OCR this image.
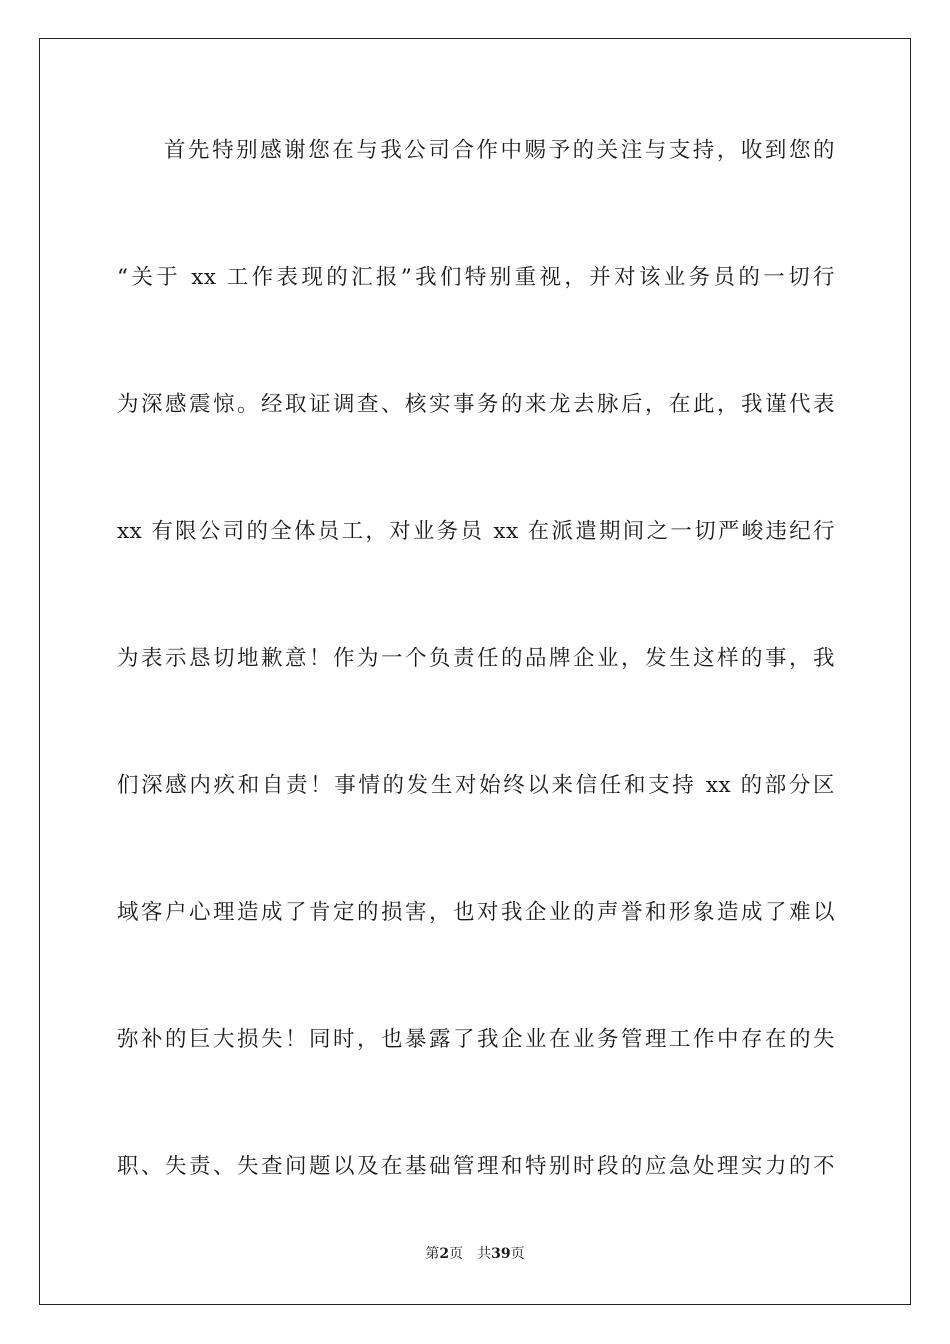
首先特别感谢您在与我公司合作中赐予的关注与支持，收到您的
“关于 xx 工作表现的汇报”我们特别重视，并对该业务员的一切行
为深感震惊。经取证调查、核实事务的来龙去脉后，在此，我谨代表
xx 有限公司的全体员工，对业务员 xx 在派遣期间之一切严峻违纪行
为表示恳切地歉意！作为一个负责任的品牌企业，发生这样的事，我
们深感内疚和自责！事情的发生对始终以来信任和支持 xx 的部分区
域客户心理造成了肯定的损害，也对我企业的声誉和形象造成了难以
弥补的巨大损失！同时，也暴露了我企业在业务管理工作中存在的失
职、失责、失查问题以及在基础管理和特别时段的应急处理实力的不
第2页 共39页
